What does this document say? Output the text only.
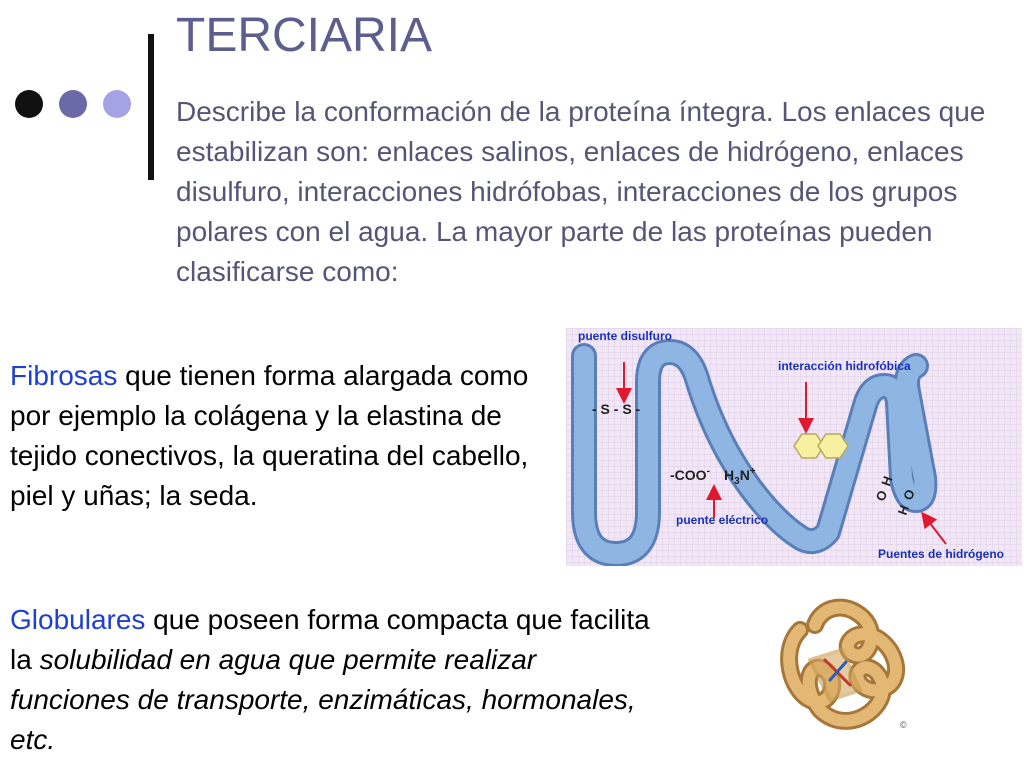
TERCIARIA
Describe la conformación de la proteína íntegra. Los enlaces que estabilizan son: enlaces salinos, enlaces de hidrógeno, enlaces disulfuro, interacciones hidrófobas, interacciones de los grupos polares con el agua. La mayor parte de las proteínas pueden clasificarse como:
Fibrosas que tienen forma alargada como por ejemplo la colágena y la elastina de tejido conectivos, la queratina del cabello, piel y uñas; la seda.
Globulares que poseen forma compacta que facilita la solubilidad en agua que permite realizar funciones de transporte, enzimáticas, hormonales, etc.
puente disulfuro
interacción hidrofóbica
puente eléctrico
Puentes de hidrógeno
- S - S -
-COO- $H_3N^+$
O
H
H
O
©
